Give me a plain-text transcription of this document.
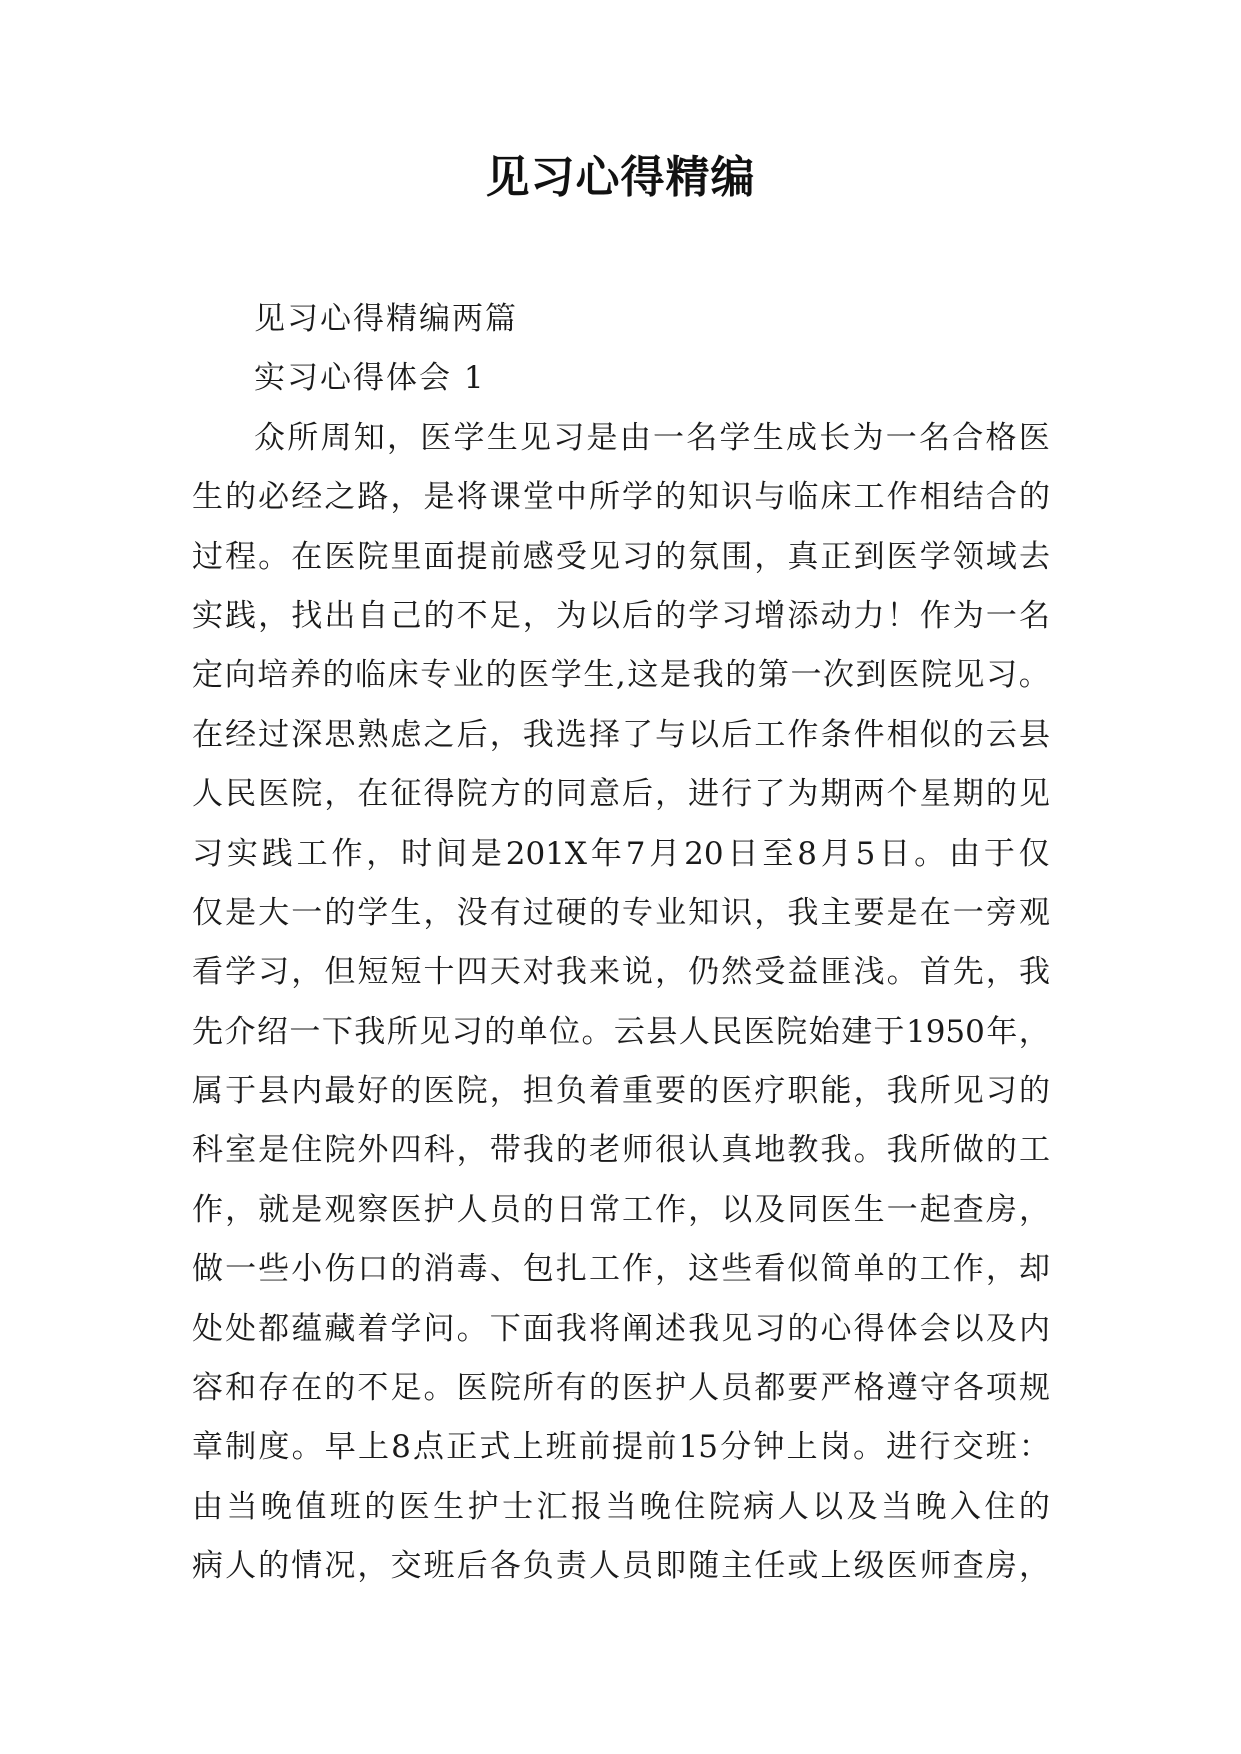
见习心得精编
见习心得精编两篇
实习心得体会 1
众 所 周 知 ， 医 学 生 见 习 是 由 一 名 学 生 成 长 为 一 名 合 格 医
生 的 必 经 之 路 ， 是 将 课 堂 中 所 学 的 知 识 与 临 床 工 作 相 结 合 的
过 程 。 在 医 院 里 面 提 前 感 受 见 习 的 氛 围 ， 真 正 到 医 学 领 域 去
实 践 ， 找 出 自 己 的 不 足 ， 为 以 后 的 学 习 增 添 动 力 ！ 作 为 一 名
定 向 培 养 的 临 床 专 业 的 医 学 生 , 这 是 我 的 第 一 次 到 医 院 见 习 。
在 经 过 深 思 熟 虑 之 后 ， 我 选 择 了 与 以 后 工 作 条 件 相 似 的 云 县
人 民 医 院 ， 在 征 得 院 方 的 同 意 后 ， 进 行 了 为 期 两 个 星 期 的 见
习 实 践 工 作 ， 时 间 是 201X 年 7 月 20 日 至 8 月 5 日 。 由 于 仅
仅 是 大 一 的 学 生 ， 没 有 过 硬 的 专 业 知 识 ， 我 主 要 是 在 一 旁 观
看 学 习 ， 但 短 短 十 四 天 对 我 来 说 ， 仍 然 受 益 匪 浅 。 首 先 ， 我
先 介 绍 一 下 我 所 见 习 的 单 位 。 云 县 人 民 医 院 始 建 于 1950 年 ，
属 于 县 内 最 好 的 医 院 ， 担 负 着 重 要 的 医 疗 职 能 ， 我 所 见 习 的
科 室 是 住 院 外 四 科 ， 带 我 的 老 师 很 认 真 地 教 我 。 我 所 做 的 工
作 ， 就 是 观 察 医 护 人 员 的 日 常 工 作 ， 以 及 同 医 生 一 起 查 房 ，
做 一 些 小 伤 口 的 消 毒 、 包 扎 工 作 ， 这 些 看 似 简 单 的 工 作 ， 却
处 处 都 蕴 藏 着 学 问 。 下 面 我 将 阐 述 我 见 习 的 心 得 体 会 以 及 内
容 和 存 在 的 不 足 。 医 院 所 有 的 医 护 人 员 都 要 严 格 遵 守 各 项 规
章 制 度 。 早 上 8 点 正 式 上 班 前 提 前 15 分 钟 上 岗 。 进 行 交 班 ：
由 当 晚 值 班 的 医 生 护 士 汇 报 当 晚 住 院 病 人 以 及 当 晚 入 住 的
病 人 的 情 况 ， 交 班 后 各 负 责 人 员 即 随 主 任 或 上 级 医 师 查 房 ，
